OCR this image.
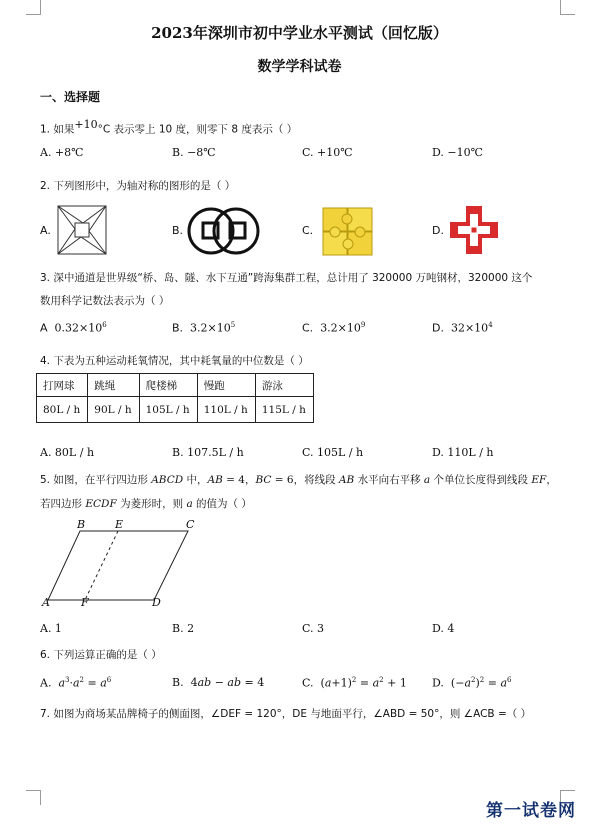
2023年深圳市初中学业水平测试（回忆版）
数学学科试卷
一、选择题
1. 如果$^{+10}$°C 表示零上 10 度，则零下 8 度表示（ ）
A. +8℃	B. −8℃	C. +10℃	D. −10℃
2. 下列图形中，为轴对称的图形的是（ ）
A.	B.	C.	D.
3. 深中通道是世界级“桥、岛、隧、水下互通”跨海集群工程，总计用了 320000 万吨钢材，320000 这个
数用科学记数法表示为（ ）
A $0.32\times 10^6$	B. $3.2\times 10^5$	C. $3.2\times 10^9$	D. $32\times 10^4$
4. 下表为五种运动耗氧情况，其中耗氧量的中位数是（ ）
打网球	跳绳	爬楼梯	慢跑	游泳
80L / h	90L / h	105L / h	110L / h	115L / h
A. 80L / h	B. 107.5L / h	C. 105L / h	D. 110L / h
5. 如图，在平行四边形 ABCD 中，AB = 4，BC = 6，将线段 AB 水平向右平移 a 个单位长度得到线段 EF，
若四边形 ECDF 为菱形时，则 a 的值为（ ）
B	E	C
A	F	D
A. 1	B. 2	C. 3	D. 4
6. 下列运算正确的是（ ）
A. $a^3\cdot a^2 = a^6$	B.  4ab − ab = 4	C.  $(a+1)^2 = a^2 + 1$ D.  $(-a^2)^2 = a^6$
7. 如图为商场某品牌椅子的侧面图，∠DEF = 120°，DE 与地面平行，∠ABD = 50°，则 ∠ACB =（ ）
第一试卷网
